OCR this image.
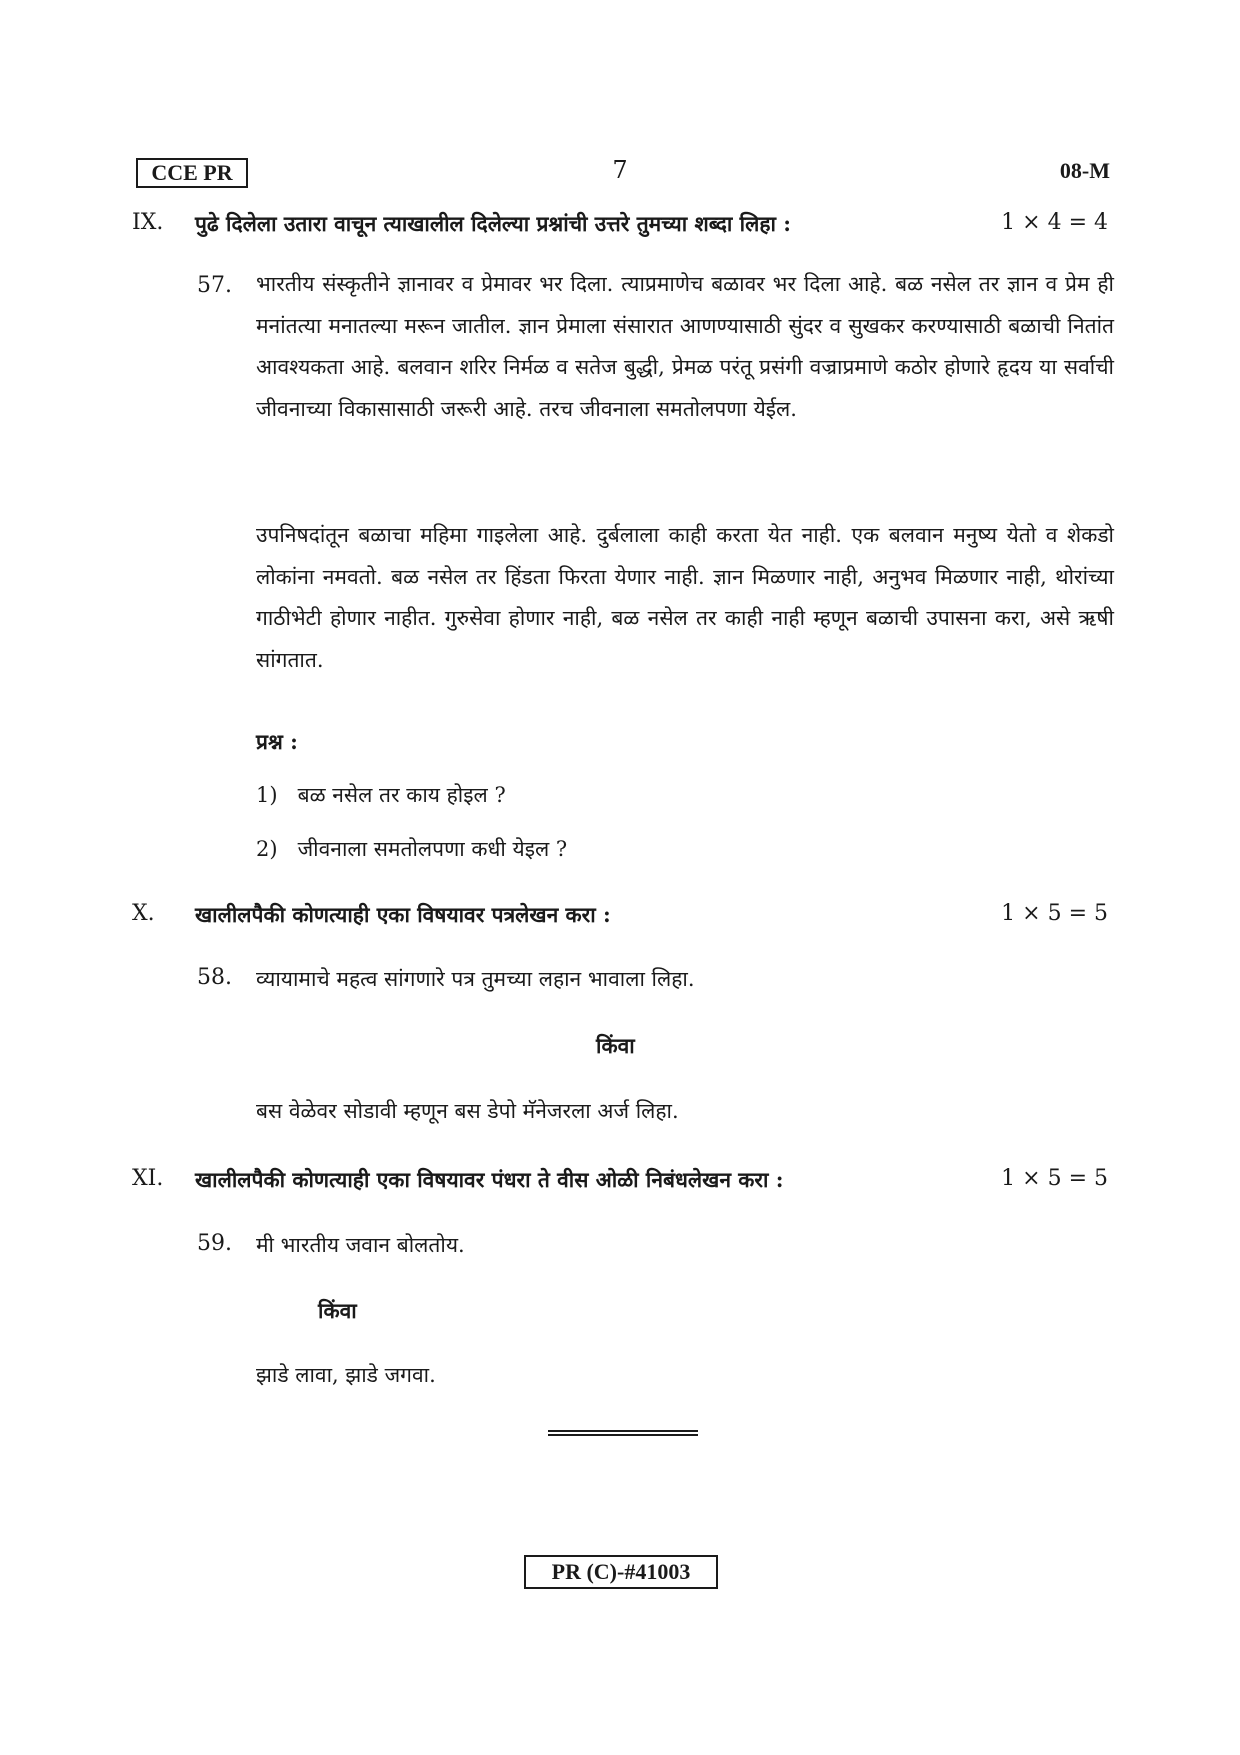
CCE PR	7	08-M
IX. पुढे दिलेला उतारा वाचून त्याखालील दिलेल्या प्रश्नांची उत्तरे तुमच्या शब्दा लिहा :	1 × 4 = 4
57. भारतीय संस्कृतीने ज्ञानावर व प्रेमावर भर दिला. त्याप्रमाणेच बळावर भर दिला आहे. बळ नसेल तर ज्ञान व प्रेम ही मनांतत्या मनातल्या मरून जातील. ज्ञान प्रेमाला संसारात आणण्यासाठी सुंदर व सुखकर करण्यासाठी बळाची नितांत आवश्यकता आहे. बलवान शरिर निर्मळ व सतेज बुद्धी, प्रेमळ परंतू प्रसंगी वज्राप्रमाणे कठोर होणारे हृदय या सर्वाची जीवनाच्या विकासासाठी जरूरी आहे. तरच जीवनाला समतोलपणा येईल.

उपनिषदांतून बळाचा महिमा गाइलेला आहे. दुर्बलाला काही करता येत नाही. एक बलवान मनुष्य येतो व शेकडो लोकांना नमवतो. बळ नसेल तर हिंडता फिरता येणार नाही. ज्ञान मिळणार नाही, अनुभव मिळणार नाही, थोरांच्या गाठीभेटी होणार नाहीत. गुरुसेवा होणार नाही, बळ नसेल तर काही नाही म्हणून बळाची उपासना करा, असे ऋषी सांगतात.

प्रश्न :
1) बळ नसेल तर काय होइल ?
2) जीवनाला समतोलपणा कधी येइल ?
X. खालीलपैकी कोणत्याही एका विषयावर पत्रलेखन करा :	1 × 5 = 5
58. व्यायामाचे महत्व सांगणारे पत्र तुमच्या लहान भावाला लिहा.
किंवा
बस वेळेवर सोडावी म्हणून बस डेपो मॅनेजरला अर्ज लिहा.
XI. खालीलपैकी कोणत्याही एका विषयावर पंधरा ते वीस ओळी निबंधलेखन करा :	1 × 5 = 5
59. मी भारतीय जवान बोलतोय.
किंवा
झाडे लावा, झाडे जगवा.
PR (C)-#41003
